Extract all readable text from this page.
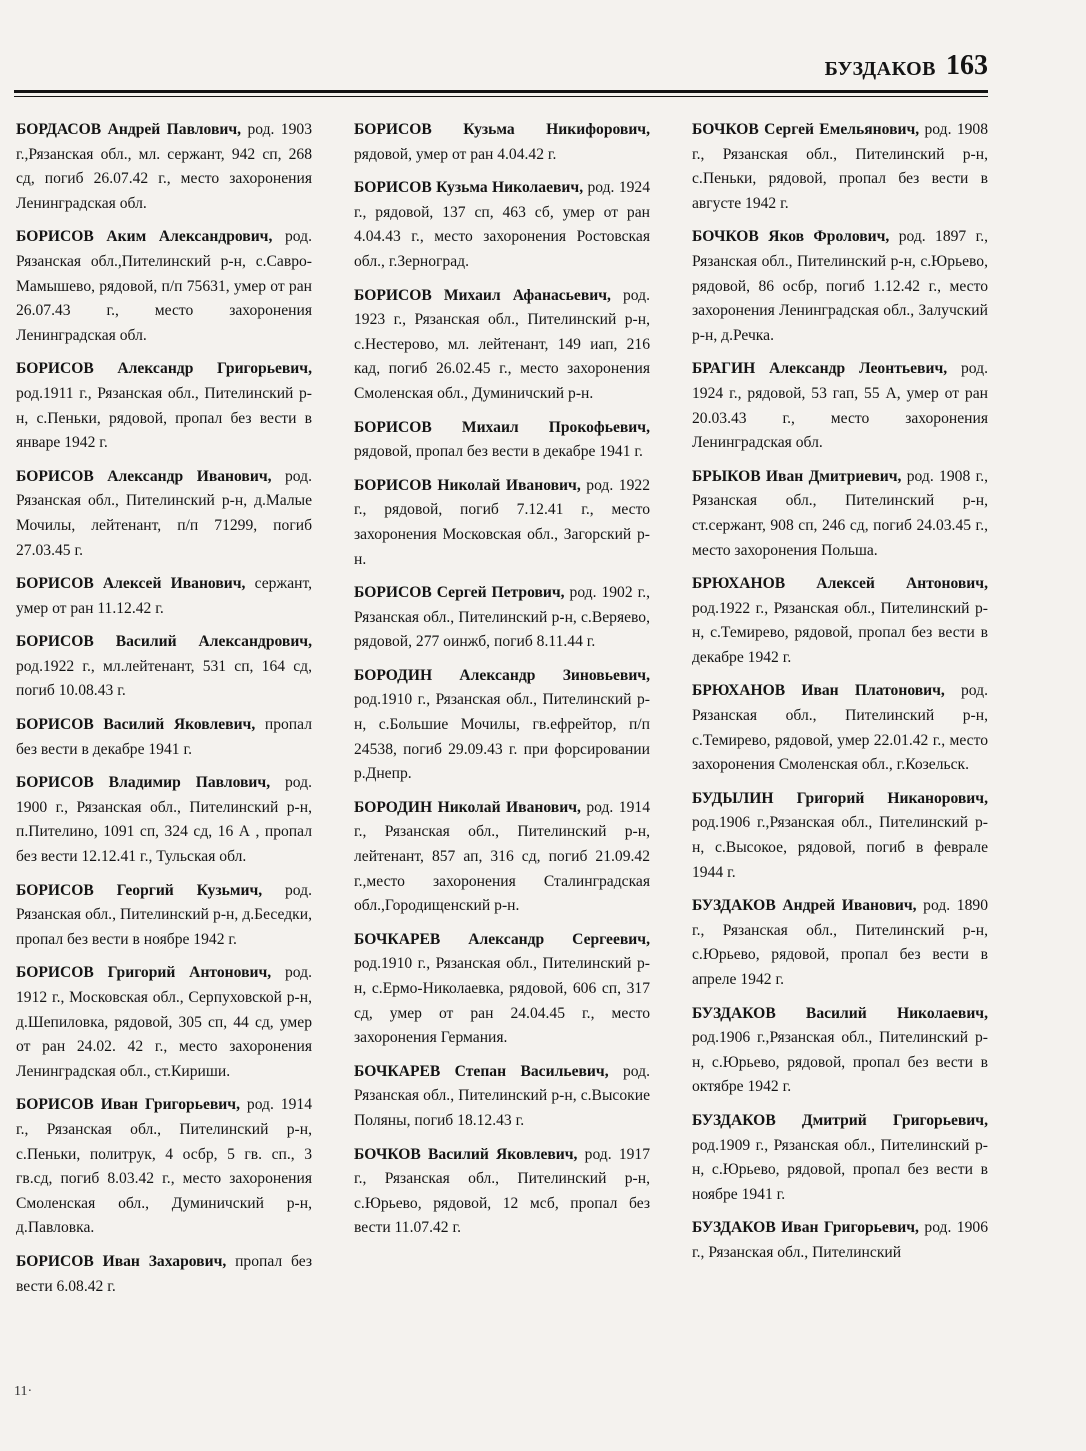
БУЗДАКОВ 163

БОРДАСОВ Андрей Павлович, род. 1903 г.,Рязанская обл., мл. сержант, 942 сп, 268 сд, погиб 26.07.42 г., место захоронения Ленинградская обл.

БОРИСОВ Аким Александрович, род. Рязанская обл.,Пителинский р-н, с.Савро-Мамышево, рядовой, п/п 75631, умер от ран 26.07.43 г., место захоронения Ленинградская обл.

БОРИСОВ Александр Григорьевич, род.1911 г., Рязанская обл., Пителинский р-н, с.Пеньки, рядовой, пропал без вести в январе 1942 г.

БОРИСОВ Александр Иванович, род. Рязанская обл., Пителинский р-н, д.Малые Мочилы, лейтенант, п/п 71299, погиб 27.03.45 г.

БОРИСОВ Алексей Иванович, сержант, умер от ран 11.12.42 г.

БОРИСОВ Василий Александрович, род.1922 г., мл.лейтенант, 531 сп, 164 сд, погиб 10.08.43 г.

БОРИСОВ Василий Яковлевич, пропал без вести в декабре 1941 г.

БОРИСОВ Владимир Павлович, род. 1900 г., Рязанская обл., Пителинский р-н, п.Пителино, 1091 сп, 324 сд, 16 А , пропал без вести 12.12.41 г., Тульская обл.

БОРИСОВ Георгий Кузьмич, род. Рязанская обл., Пителинский р-н, д.Беседки, пропал без вести в ноябре 1942 г.

БОРИСОВ Григорий Антонович, род. 1912 г., Московская обл., Серпуховской р-н, д.Шепиловка, рядовой, 305 сп, 44 сд, умер от ран 24.02. 42 г., место захоронения Ленинградская обл., ст.Кириши.

БОРИСОВ Иван Григорьевич, род. 1914 г., Рязанская обл., Пителинский р-н, с.Пеньки, политрук, 4 осбр, 5 гв. сп., 3 гв.сд, погиб 8.03.42 г., место захоронения Смоленская обл., Думиничский р-н, д.Павловка.

БОРИСОВ Иван Захарович, пропал без вести 6.08.42 г.

БОРИСОВ Кузьма Никифорович, рядовой, умер от ран 4.04.42 г.

БОРИСОВ Кузьма Николаевич, род. 1924 г., рядовой, 137 сп, 463 сб, умер от ран 4.04.43 г., место захоронения Ростовская обл., г.Зерноград.

БОРИСОВ Михаил Афанасьевич, род. 1923 г., Рязанская обл., Пителинский р-н, с.Нестерово, мл. лейтенант, 149 иап, 216 кад, погиб 26.02.45 г., место захоронения Смоленская обл., Думиничский р-н.

БОРИСОВ Михаил Прокофьевич, рядовой, пропал без вести в декабре 1941 г.

БОРИСОВ Николай Иванович, род. 1922 г., рядовой, погиб 7.12.41 г., место захоронения Московская обл., Загорский р-н.

БОРИСОВ Сергей Петрович, род. 1902 г., Рязанская обл., Пителинский р-н, с.Веряево, рядовой, 277 оинжб, погиб 8.11.44 г.

БОРОДИН Александр Зиновьевич, род.1910 г., Рязанская обл., Пителинский р-н, с.Большие Мочилы, гв.ефрейтор, п/п 24538, погиб 29.09.43 г. при форсировании р.Днепр.

БОРОДИН Николай Иванович, род. 1914 г., Рязанская обл., Пителинский р-н, лейтенант, 857 ап, 316 сд, погиб 21.09.42 г.,место захоронения Сталинградская обл.,Городищенский р-н.

БОЧКАРЕВ Александр Сергеевич, род.1910 г., Рязанская обл., Пителинский р-н, с.Ермо-Николаевка, рядовой, 606 сп, 317 сд, умер от ран 24.04.45 г., место захоронения Германия.

БОЧКАРЕВ Степан Васильевич, род. Рязанская обл., Пителинский р-н, с.Высокие Поляны, погиб 18.12.43 г.

БОЧКОВ Василий Яковлевич, род. 1917 г., Рязанская обл., Пителинский р-н, с.Юрьево, рядовой, 12 мсб, пропал без вести 11.07.42 г.

БОЧКОВ Сергей Емельянович, род. 1908 г., Рязанская обл., Пителинский р-н, с.Пеньки, рядовой, пропал без вести в августе 1942 г.

БОЧКОВ Яков Фролович, род. 1897 г., Рязанская обл., Пителинский р-н, с.Юрьево, рядовой, 86 осбр, погиб 1.12.42 г., место захоронения Ленинградская обл., Залучский р-н, д.Речка.

БРАГИН Александр Леонтьевич, род. 1924 г., рядовой, 53 гап, 55 А, умер от ран 20.03.43 г., место захоронения Ленинградская обл.

БРЫКОВ Иван Дмитриевич, род. 1908 г., Рязанская обл., Пителинский р-н, ст.сержант, 908 сп, 246 сд, погиб 24.03.45 г., место захоронения Польша.

БРЮХАНОВ Алексей Антонович, род.1922 г., Рязанская обл., Пителинский р-н, с.Темирево, рядовой, пропал без вести в декабре 1942 г.

БРЮХАНОВ Иван Платонович, род. Рязанская обл., Пителинский р-н, с.Темирево, рядовой, умер 22.01.42 г., место захоронения Смоленская обл., г.Козельск.

БУДЫЛИН Григорий Никанорович, род.1906 г.,Рязанская обл., Пителинский р-н, с.Высокое, рядовой, погиб в феврале 1944 г.

БУЗДАКОВ Андрей Иванович, род. 1890 г., Рязанская обл., Пителинский р-н, с.Юрьево, рядовой, пропал без вести в апреле 1942 г.

БУЗДАКОВ Василий Николаевич, род.1906 г.,Рязанская обл., Пителинский р-н, с.Юрьево, рядовой, пропал без вести в октябре 1942 г.

БУЗДАКОВ Дмитрий Григорьевич, род.1909 г., Рязанская обл., Пителинский р-н, с.Юрьево, рядовой, пропал без вести в ноябре 1941 г.

БУЗДАКОВ Иван Григорьевич, род. 1906 г., Рязанская обл., Пителинский

11·
